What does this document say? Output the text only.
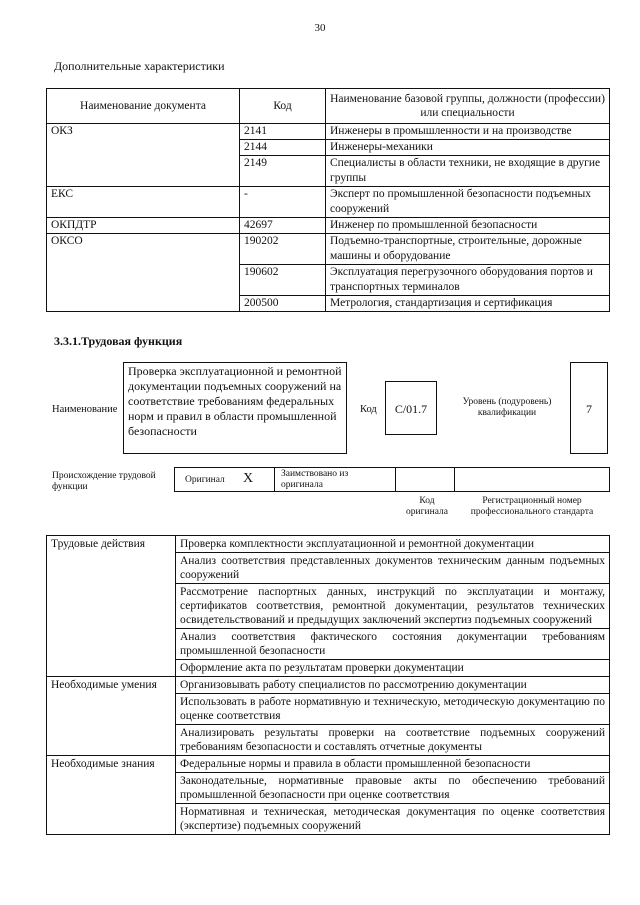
30
Дополнительные характеристики
Наименование документа	Код	Наименование базовой группы, должности (профессии) или специальности
ОКЗ	2141	Инженеры в промышленности и на производстве
	2144	Инженеры-механики
	2149	Специалисты в области техники, не входящие в другие группы
ЕКС	-	Эксперт по промышленной безопасности подъемных сооружений
ОКПДТР	42697	Инженер по промышленной безопасности
ОКСО	190202	Подъемно-транспортные, строительные, дорожные машины и оборудование
	190602	Эксплуатация перегрузочного оборудования портов и транспортных терминалов
	200500	Метрология, стандартизация и сертификация
3.3.1.Трудовая функция
Наименование
Проверка эксплуатационной и ремонтной документации подъемных сооружений на соответствие требованиям федеральных норм и правил в области промышленной безопасности
Код	С/01.7	Уровень (подуровень) квалификации	7
Происхождение трудовой функции
Оригинал X	Заимствовано из оригинала
Код оригинала
Регистрационный номер профессионального стандарта
Трудовые действия	Проверка комплектности эксплуатационной и ремонтной документации
	Анализ соответствия представленных документов техническим данным подъемных сооружений
	Рассмотрение паспортных данных, инструкций по эксплуатации и монтажу, сертификатов соответствия, ремонтной документации, результатов технических освидетельствований и предыдущих заключений экспертиз подъемных сооружений
	Анализ соответствия фактического состояния документации требованиям промышленной безопасности
	Оформление акта по результатам проверки документации
Необходимые умения	Организовывать работу специалистов по рассмотрению документации
	Использовать в работе нормативную и техническую, методическую документацию по оценке соответствия
	Анализировать результаты проверки на соответствие подъемных сооружений требованиям безопасности и составлять отчетные документы
Необходимые знания	Федеральные нормы и правила в области промышленной безопасности
	Законодательные, нормативные правовые акты по обеспечению требований промышленной безопасности при оценке соответствия
	Нормативная и техническая, методическая документация по оценке соответствия (экспертизе) подъемных сооружений
